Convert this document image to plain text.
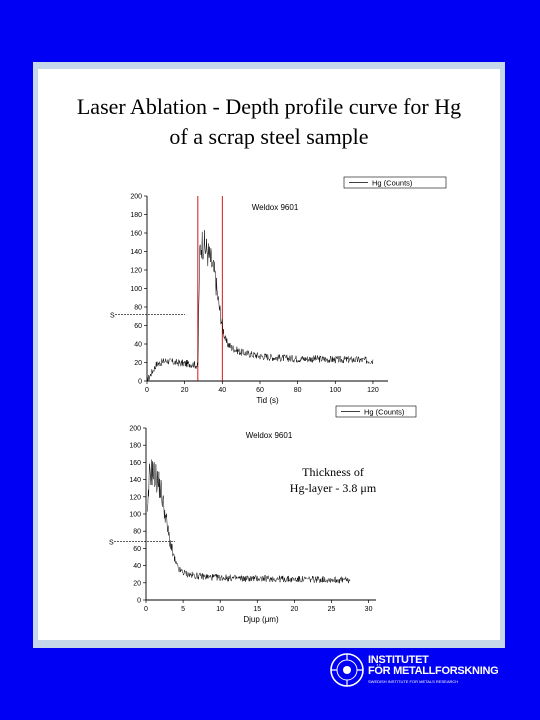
Laser Ablation - Depth profile curve for Hg
of a scrap steel sample
0
20
40
60
80
100
120
140
160
180
200
0	20	40	60	80	100	120
Tid (s)
Weldox 9601
Hg (Counts)
S
0
20
40
60
80
100
120
140
160
180
200
0	5	10	15	20	25	30
Djup (μm)
Weldox 9601
Hg (Counts)
S
Thickness of
Hg-layer - 3.8 μm
INSTITUTET
FÖR METALLFORSKNING
SWEDISH INSTITUTE FOR METALS RESEARCH
